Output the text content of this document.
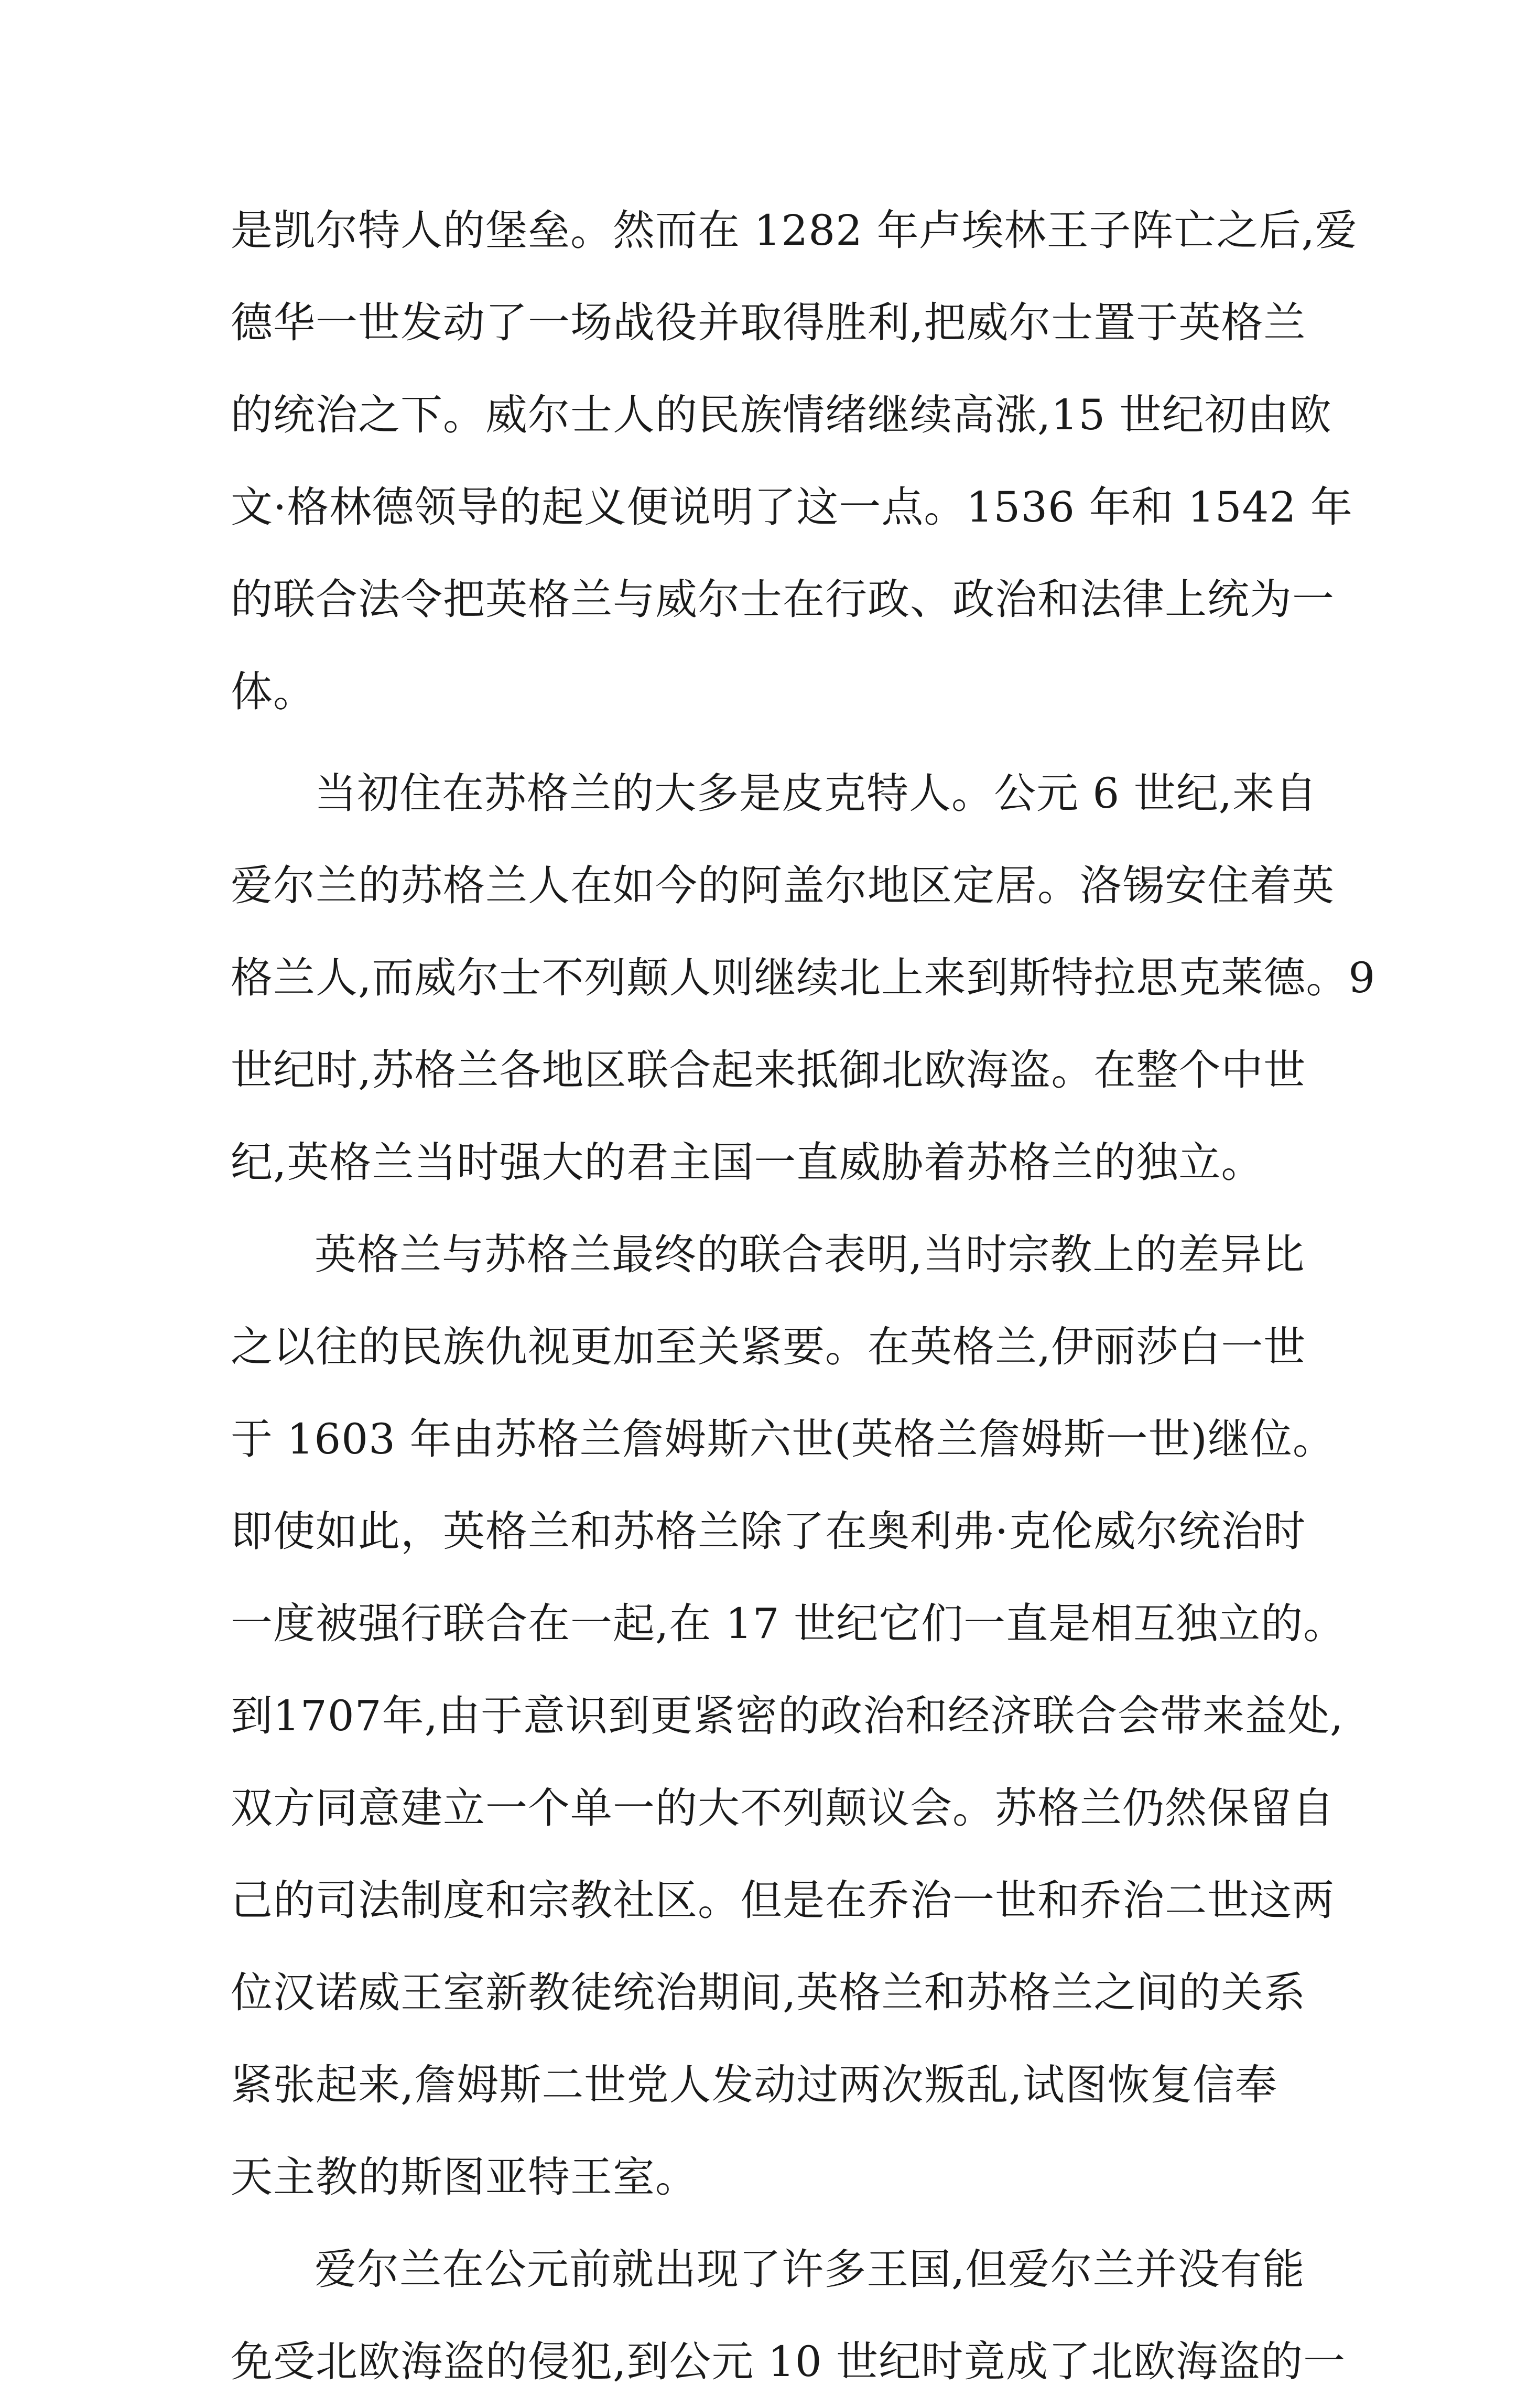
是凯尔特人的堡垒。然而在 1282 年卢埃林王子阵亡之后,爱
德华一世发动了一场战役并取得胜利,把威尔士置于英格兰
的统治之下。威尔士人的民族情绪继续高涨,15 世纪初由欧
文·格林德领导的起义便说明了这一点。1536 年和 1542 年
的联合法令把英格兰与威尔士在行政、政治和法律上统为一
体。
当初住在苏格兰的大多是皮克特人。公元 6 世纪,来自
爱尔兰的苏格兰人在如今的阿盖尔地区定居。洛锡安住着英
格兰人,而威尔士不列颠人则继续北上来到斯特拉思克莱德。9
世纪时,苏格兰各地区联合起来抵御北欧海盗。在整个中世
纪,英格兰当时强大的君主国一直威胁着苏格兰的独立。
英格兰与苏格兰最终的联合表明,当时宗教上的差异比
之以往的民族仇视更加至关紧要。在英格兰,伊丽莎白一世
于 1603 年由苏格兰詹姆斯六世(英格兰詹姆斯一世)继位。
即使如此，英格兰和苏格兰除了在奥利弗·克伦威尔统治时
一度被强行联合在一起,在 17 世纪它们一直是相互独立的。
到1707年,由于意识到更紧密的政治和经济联合会带来益处,
双方同意建立一个单一的大不列颠议会。苏格兰仍然保留自
己的司法制度和宗教社区。但是在乔治一世和乔治二世这两
位汉诺威王室新教徒统治期间,英格兰和苏格兰之间的关系
紧张起来,詹姆斯二世党人发动过两次叛乱,试图恢复信奉
天主教的斯图亚特王室。
爱尔兰在公元前就出现了许多王国,但爱尔兰并没有能
免受北欧海盗的侵犯,到公元 10 世纪时竟成了北欧海盗的一
